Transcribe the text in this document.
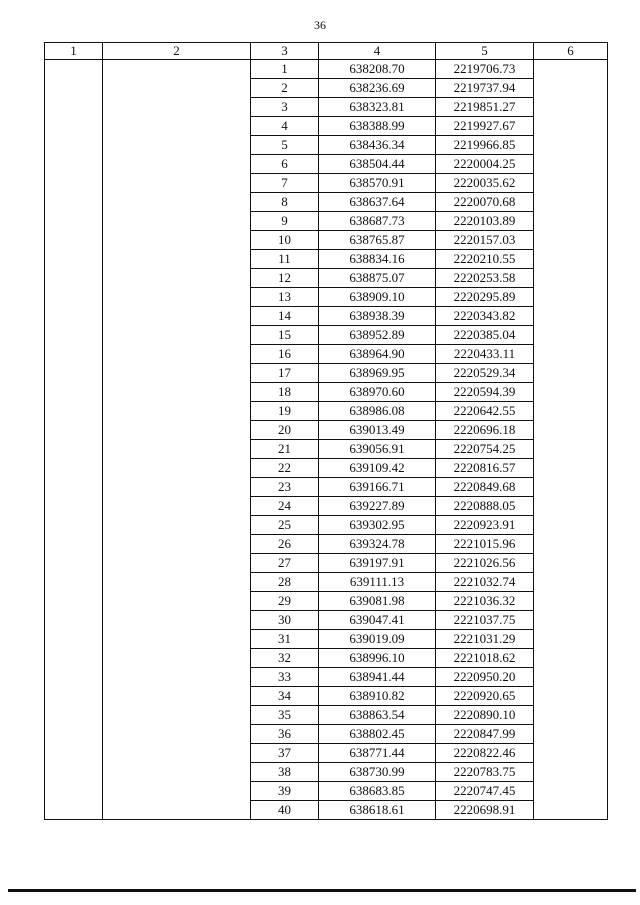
36
1	2	3	4	5	6
		1	638208.70	2219706.73	
		2	638236.69	2219737.94	
		3	638323.81	2219851.27	
		4	638388.99	2219927.67	
		5	638436.34	2219966.85	
		6	638504.44	2220004.25	
		7	638570.91	2220035.62	
		8	638637.64	2220070.68	
		9	638687.73	2220103.89	
		10	638765.87	2220157.03	
		11	638834.16	2220210.55	
		12	638875.07	2220253.58	
		13	638909.10	2220295.89	
		14	638938.39	2220343.82	
		15	638952.89	2220385.04	
		16	638964.90	2220433.11	
		17	638969.95	2220529.34	
		18	638970.60	2220594.39	
		19	638986.08	2220642.55	
		20	639013.49	2220696.18	
		21	639056.91	2220754.25	
		22	639109.42	2220816.57	
		23	639166.71	2220849.68	
		24	639227.89	2220888.05	
		25	639302.95	2220923.91	
		26	639324.78	2221015.96	
		27	639197.91	2221026.56	
		28	639111.13	2221032.74	
		29	639081.98	2221036.32	
		30	639047.41	2221037.75	
		31	639019.09	2221031.29	
		32	638996.10	2221018.62	
		33	638941.44	2220950.20	
		34	638910.82	2220920.65	
		35	638863.54	2220890.10	
		36	638802.45	2220847.99	
		37	638771.44	2220822.46	
		38	638730.99	2220783.75	
		39	638683.85	2220747.45	
		40	638618.61	2220698.91	
